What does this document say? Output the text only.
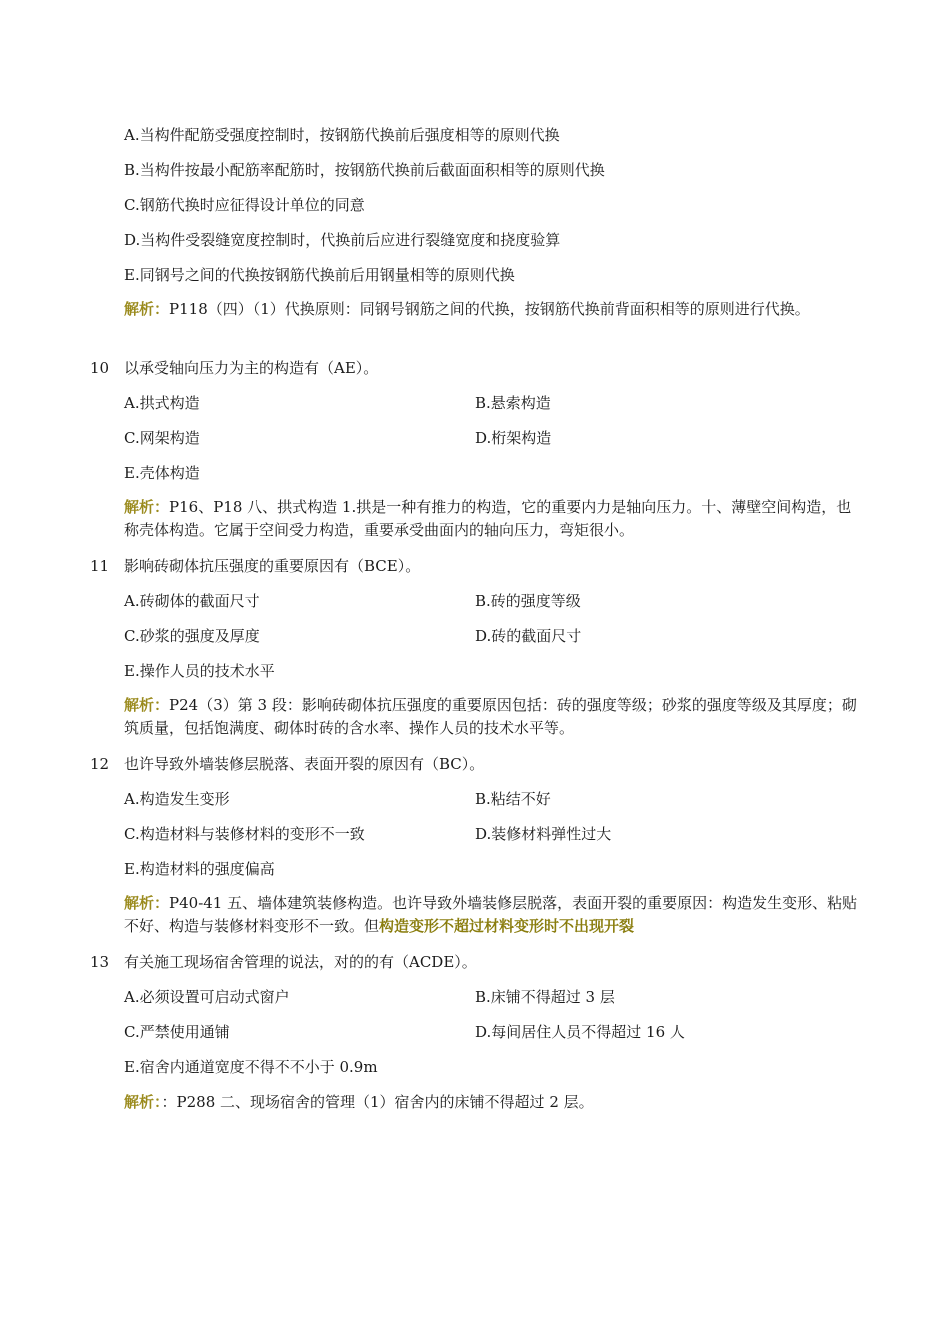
A.当构件配筋受强度控制时，按钢筋代换前后强度相等的原则代换
B.当构件按最小配筋率配筋时，按钢筋代换前后截面面积相等的原则代换
C.钢筋代换时应征得设计单位的同意
D.当构件受裂缝宽度控制时，代换前后应进行裂缝宽度和挠度验算
E.同钢号之间的代换按钢筋代换前后用钢量相等的原则代换
解析：P118（四）（1）代换原则：同钢号钢筋之间的代换，按钢筋代换前背面积相等的原则进行代换。
10 以承受轴向压力为主的构造有（AE）。
A.拱式构造	B.悬索构造
C.网架构造	D.桁架构造
E.壳体构造
解析：P16、P18 八、拱式构造 1.拱是一种有推力的构造，它的重要内力是轴向压力。十、薄壁空间构造，也称壳体构造。它属于空间受力构造，重要承受曲面内的轴向压力，弯矩很小。
11 影响砖砌体抗压强度的重要原因有（BCE）。
A.砖砌体的截面尺寸	B.砖的强度等级
C.砂浆的强度及厚度	D.砖的截面尺寸
E.操作人员的技术水平
解析：P24（3）第 3 段：影响砖砌体抗压强度的重要原因包括：砖的强度等级；砂浆的强度等级及其厚度；砌筑质量，包括饱满度、砌体时砖的含水率、操作人员的技术水平等。
12 也许导致外墙装修层脱落、表面开裂的原因有（BC）。
A.构造发生变形	B.粘结不好
C.构造材料与装修材料的变形不一致	D.装修材料弹性过大
E.构造材料的强度偏高
解析：P40-41 五、墙体建筑装修构造。也许导致外墙装修层脱落，表面开裂的重要原因：构造发生变形、粘贴不好、构造与装修材料变形不一致。但构造变形不超过材料变形时不出现开裂
13 有关施工现场宿舍管理的说法，对的的有（ACDE）。
A.必须设置可启动式窗户	B.床铺不得超过 3 层
C.严禁使用通铺	D.每间居住人员不得超过 16 人
E.宿舍内通道宽度不得不不小于 0.9m
解析：：P288 二、现场宿舍的管理（1）宿舍内的床铺不得超过 2 层。
